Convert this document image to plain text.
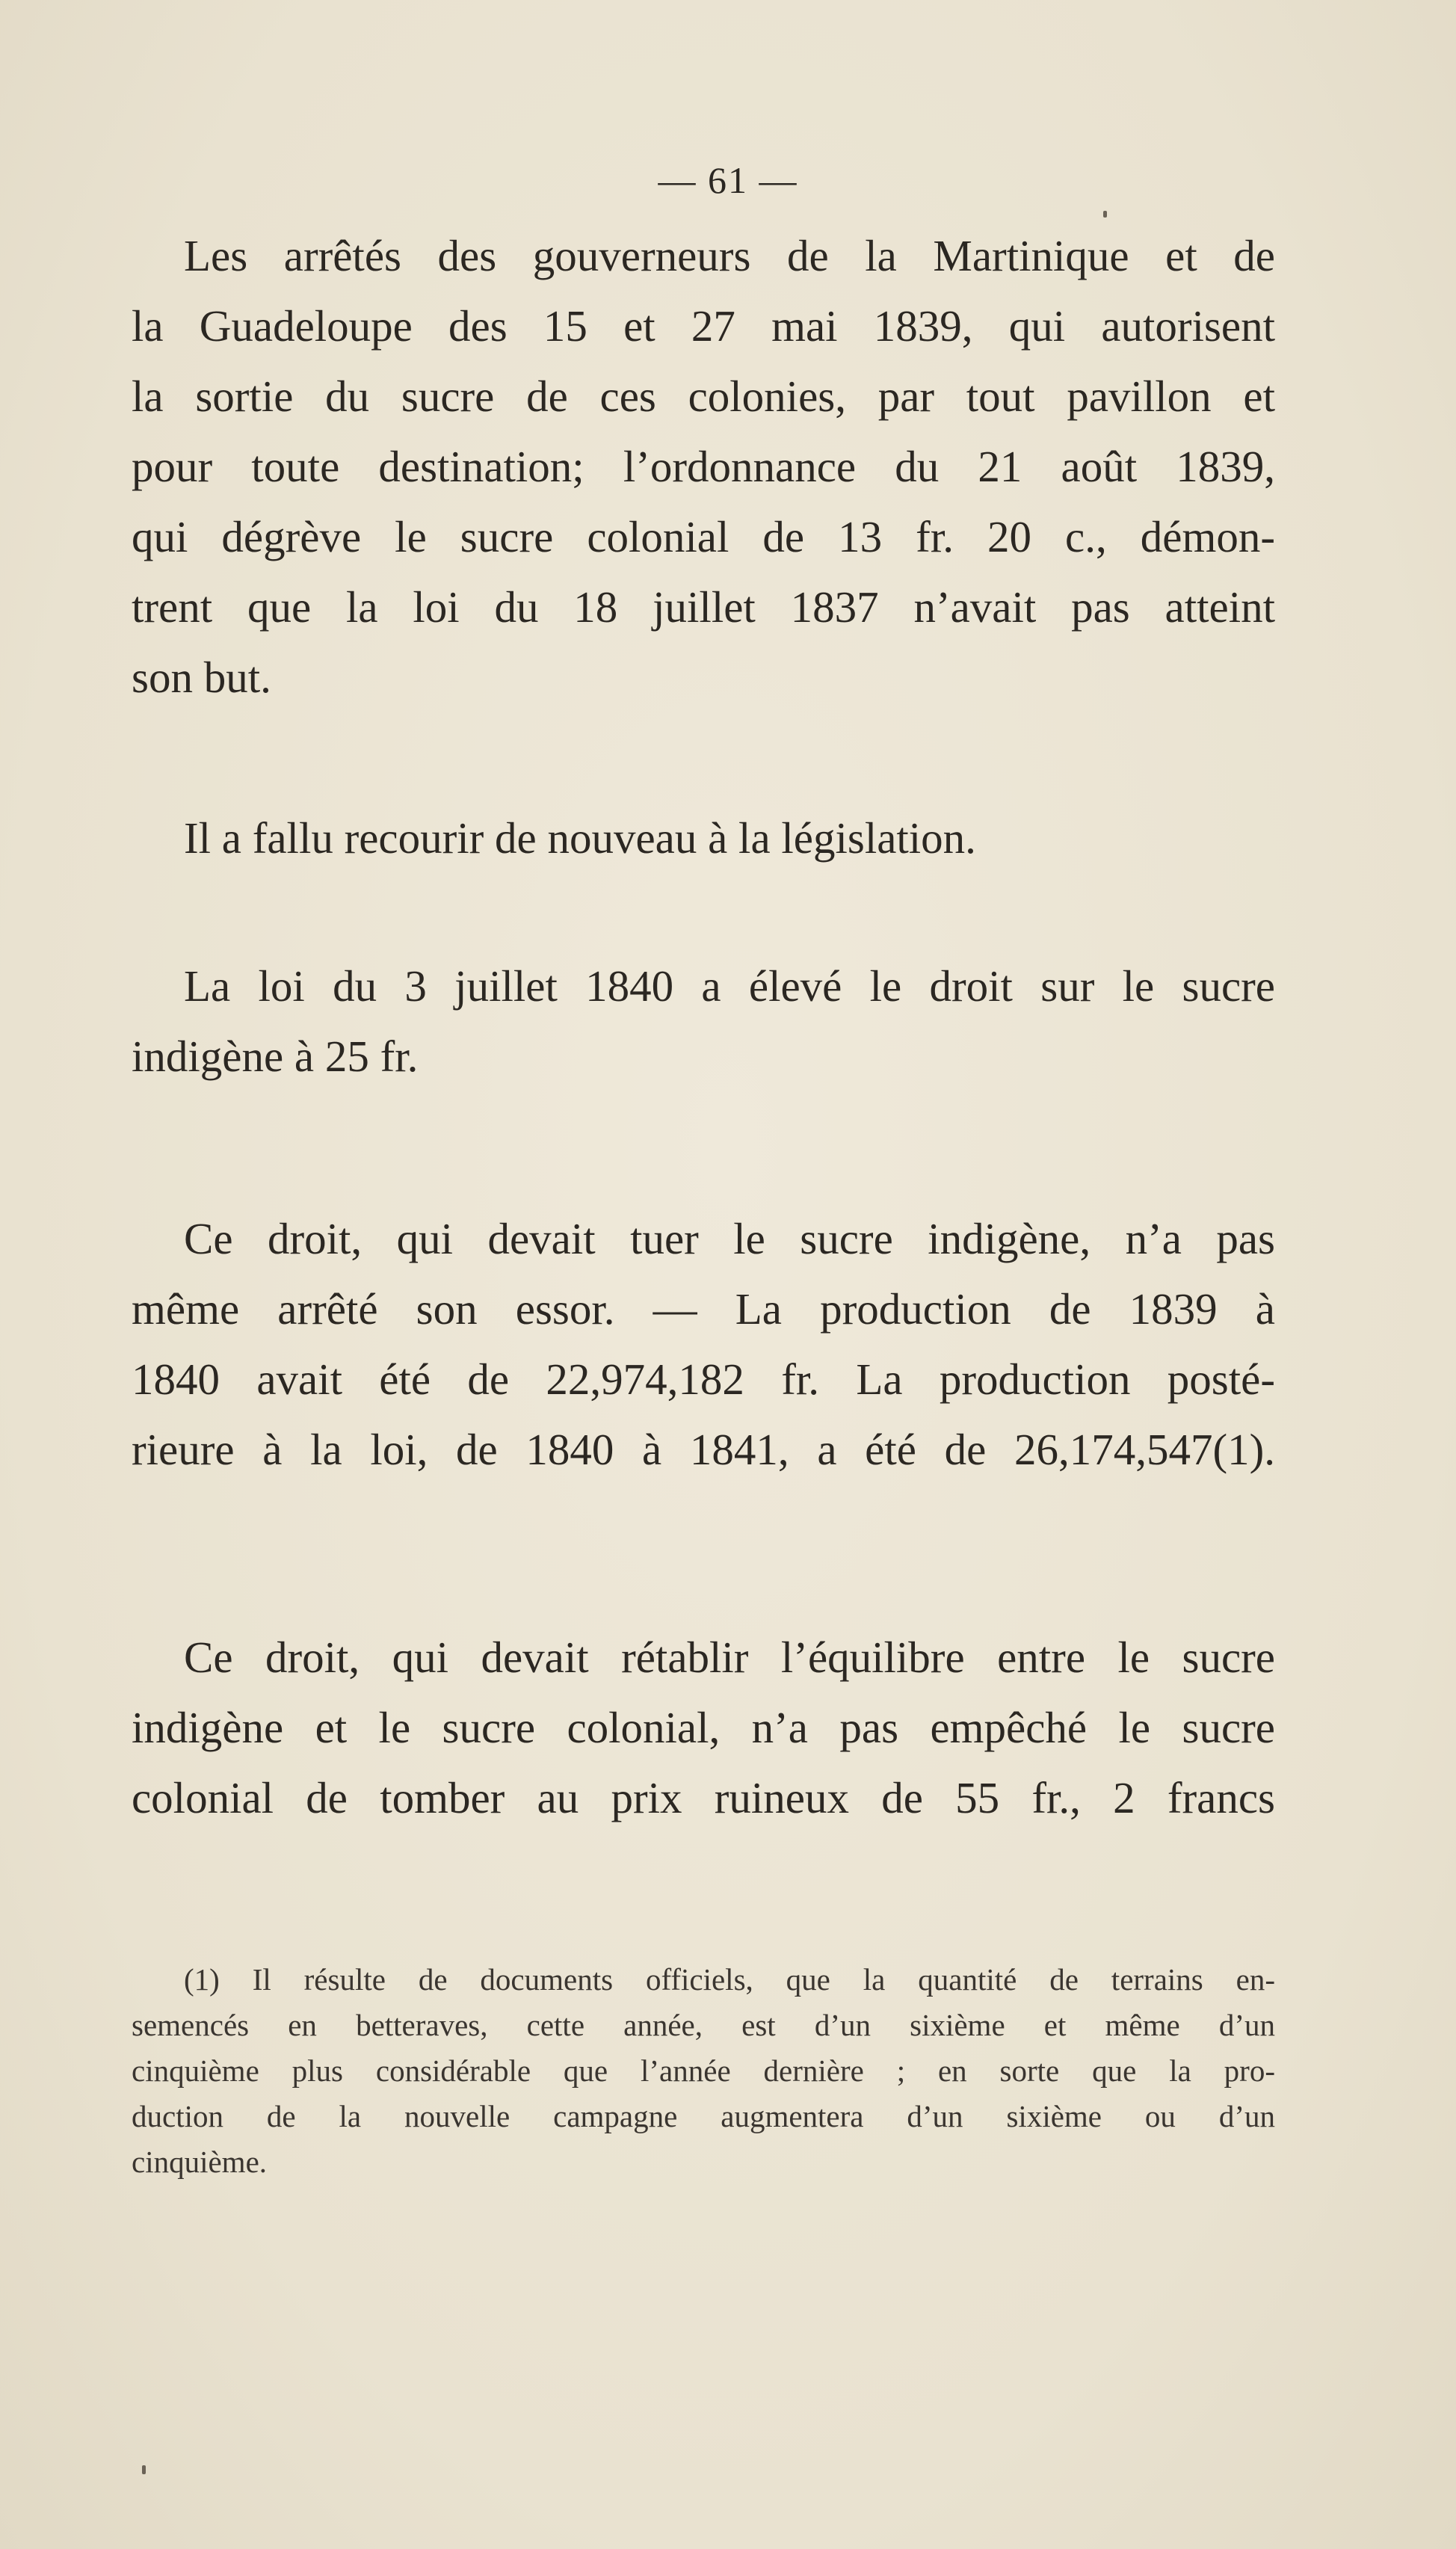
— 61 —
Les arrêtés des gouverneurs de la Martinique et de
la Guadeloupe des 15 et 27 mai 1839, qui autorisent
la sortie du sucre de ces colonies, par tout pavillon et
pour toute destination; l’ordonnance du 21 août 1839,
qui dégrève le sucre colonial de 13 fr. 20 c., démon-
trent que la loi du 18 juillet 1837 n’avait pas atteint
son but.
Il a fallu recourir de nouveau à la législation.
La loi du 3 juillet 1840 a élevé le droit sur le sucre
indigène à 25 fr.
Ce droit, qui devait tuer le sucre indigène, n’a pas
même arrêté son essor. — La production de 1839 à
1840 avait été de 22,974,182 fr. La production posté-
rieure à la loi, de 1840 à 1841, a été de 26,174,547(1).
Ce droit, qui devait rétablir l’équilibre entre le sucre
indigène et le sucre colonial, n’a pas empêché le sucre
colonial de tomber au prix ruineux de 55 fr., 2 francs
(1) Il résulte de documents officiels, que la quantité de terrains en-
semencés en betteraves, cette année, est d’un sixième et même d’un
cinquième plus considérable que l’année dernière ; en sorte que la pro-
duction de la nouvelle campagne augmentera d’un sixième ou d’un
cinquième.
